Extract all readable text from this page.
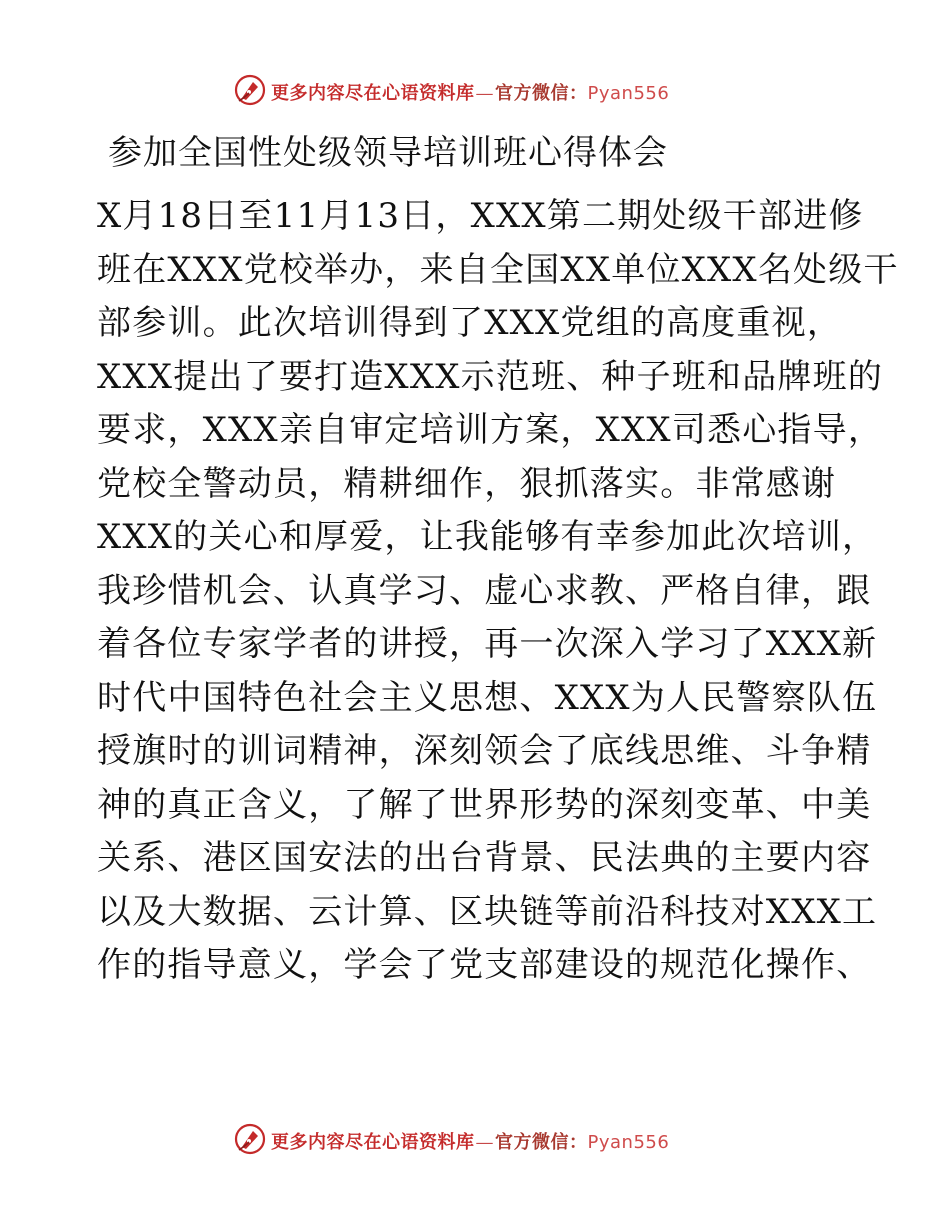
更多内容尽在心语资料库—官方微信：Pyan556
参加全国性处级领导培训班心得体会
X月18日至11月13日，XXX第二期处级干部进修
班在XXX党校举办，来自全国XX单位XXX名处级干
部参训。此次培训得到了XXX党组的高度重视，
XXX提出了要打造XXX示范班、种子班和品牌班的
要求，XXX亲自审定培训方案，XXX司悉心指导，
党校全警动员，精耕细作，狠抓落实。非常感谢
XXX的关心和厚爱，让我能够有幸参加此次培训，
我珍惜机会、认真学习、虚心求教、严格自律，跟
着各位专家学者的讲授，再一次深入学习了XXX新
时代中国特色社会主义思想、XXX为人民警察队伍
授旗时的训词精神，深刻领会了底线思维、斗争精
神的真正含义，了解了世界形势的深刻变革、中美
关系、港区国安法的出台背景、民法典的主要内容
以及大数据、云计算、区块链等前沿科技对XXX工
作的指导意义，学会了党支部建设的规范化操作、
更多内容尽在心语资料库—官方微信：Pyan556
